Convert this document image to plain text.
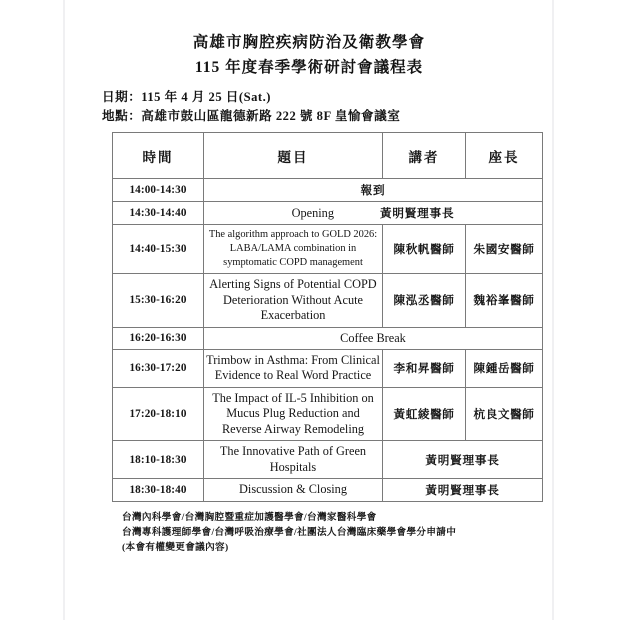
高雄市胸腔疾病防治及衛教學會
115 年度春季學術研討會議程表
日期：115 年 4 月 25 日(Sat.)
地點：高雄市鼓山區龍德新路 222 號 8F 皇愉會議室
時間	題目	講者	座長
14:00-14:30	報到		
14:30-14:40	Opening 黃明賢理事長		
14:40-15:30	The algorithm approach to GOLD 2026: LABA/LAMA combination in symptomatic COPD management	陳秋帆醫師	朱國安醫師
15:30-16:20	Alerting Signs of Potential COPD Deterioration Without Acute Exacerbation	陳泓丞醫師	魏裕峯醫師
16:20-16:30	Coffee Break		
16:30-17:20	Trimbow in Asthma: From Clinical Evidence to Real Word Practice	李和昇醫師	陳鍾岳醫師
17:20-18:10	The Impact of IL-5 Inhibition on Mucus Plug Reduction and Reverse Airway Remodeling	黃虹綾醫師	杭良文醫師
18:10-18:30	The Innovative Path of Green Hospitals	黃明賢理事長	
18:30-18:40	Discussion & Closing	黃明賢理事長	
台灣內科學會/台灣胸腔暨重症加護醫學會/台灣家醫科學會
台灣專科護理師學會/台灣呼吸治療學會/社團法人台灣臨床藥學會學分申請中
(本會有權變更會議內容)
